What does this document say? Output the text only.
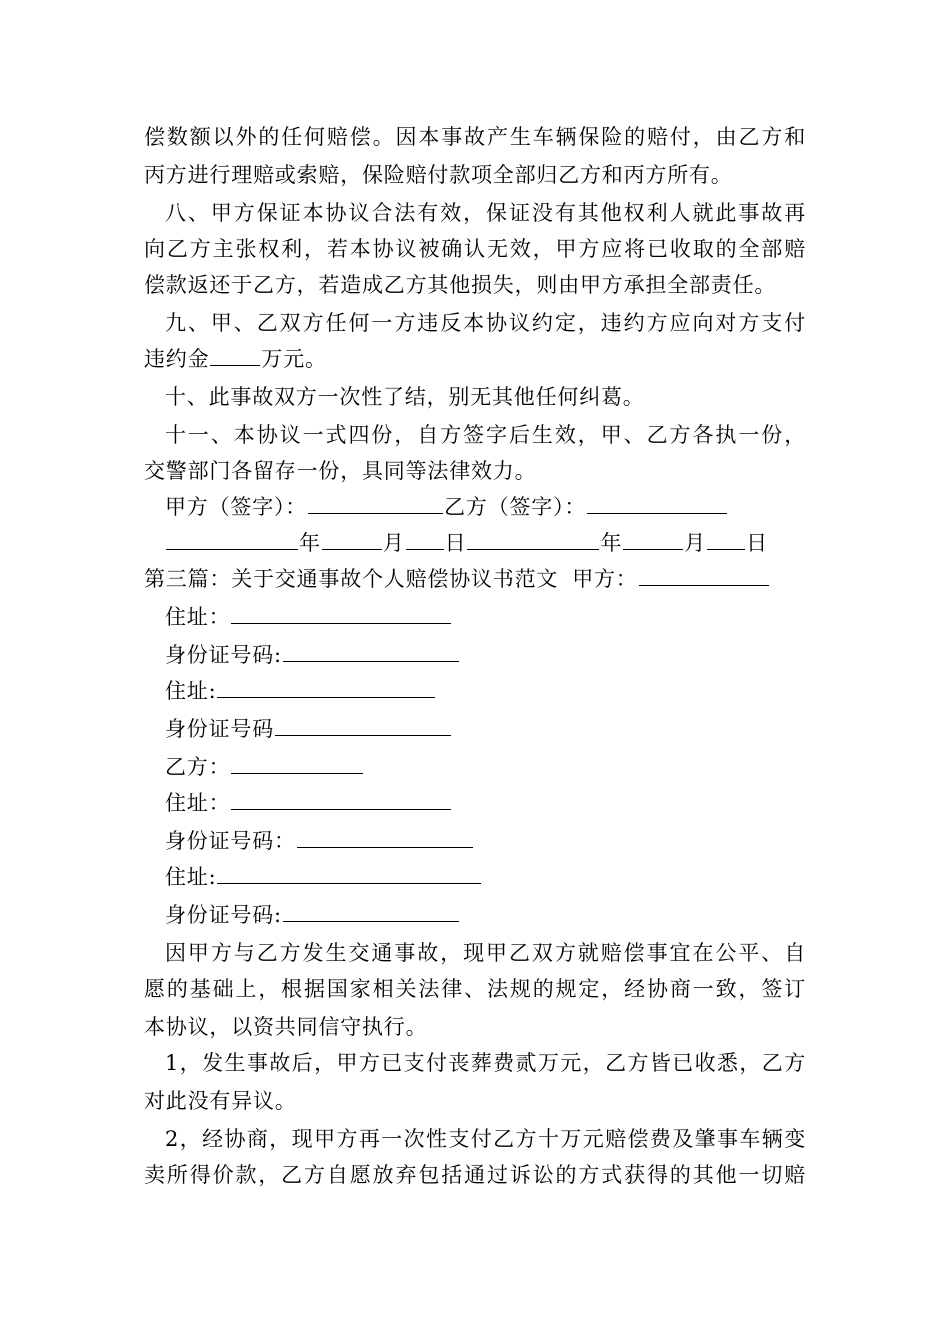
偿数额以外的任何赔偿。因本事故产生车辆保险的赔付，由乙方和
丙方进行理赔或索赔，保险赔付款项全部归乙方和丙方所有。
八、甲方保证本协议合法有效，保证没有其他权利人就此事故再
向乙方主张权利，若本协议被确认无效，甲方应将已收取的全部赔
偿款返还于乙方，若造成乙方其他损失，则由甲方承担全部责任。
九、甲、乙双方任何一方违反本协议约定，违约方应向对方支付
违约金 万元。
十、此事故双方一次性了结，别无其他任何纠葛。
十一、本协议一式四份，自方签字后生效，甲、乙方各执一份，
交警部门各留存一份，具同等法律效力。
甲方（签字）：	乙方（签字）：
年	月 日	年	月 日
第三篇：关于交通事故个人赔偿协议书范文 甲方：
住址：
身份证号码:
住址:
身份证号码
乙方：
住址：
身份证号码：
住址:
身份证号码:
因甲方与乙方发生交通事故，现甲乙双方就赔偿事宜在公平、自
愿的基础上，根据国家相关法律、法规的规定，经协商一致，签订
本协议，以资共同信守执行。
1，发生事故后，甲方已支付丧葬费贰万元，乙方皆已收悉，乙方
对此没有异议。
2，经协商，现甲方再一次性支付乙方十万元赔偿费及肇事车辆变
卖所得价款，乙方自愿放弃包括通过诉讼的方式获得的其他一切赔
